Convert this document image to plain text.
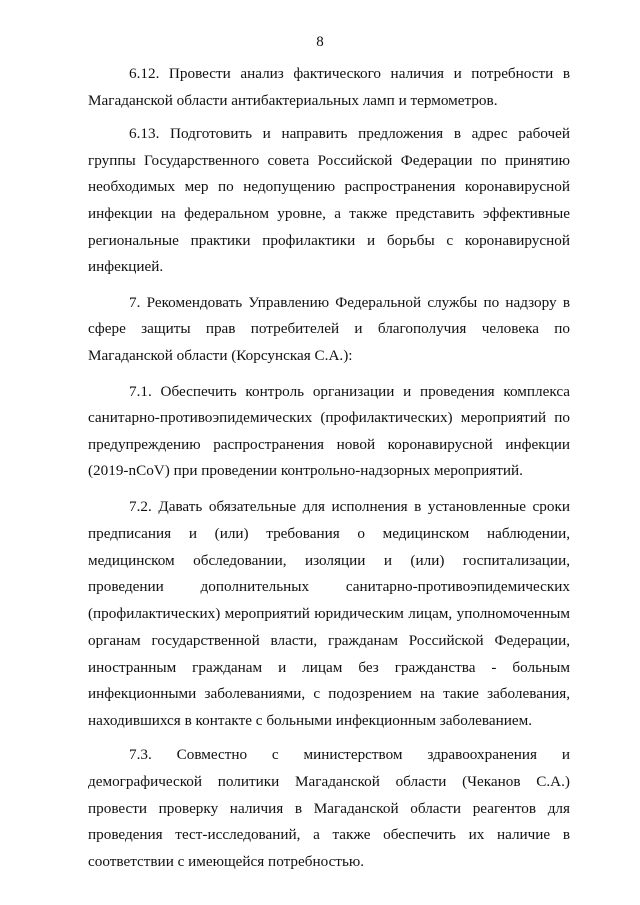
8

6.12. Провести анализ фактического наличия и потребности в Магаданской области антибактериальных ламп и термометров.

6.13. Подготовить и направить предложения в адрес рабочей группы Государственного совета Российской Федерации по принятию необходимых мер по недопущению распространения коронавирусной инфекции на федеральном уровне, а также представить эффективные региональные практики профилактики и борьбы с коронавирусной инфекцией.

7. Рекомендовать Управлению Федеральной службы по надзору в сфере защиты прав потребителей и благополучия человека по Магаданской области (Корсунская С.А.):

7.1. Обеспечить контроль организации и проведения комплекса санитарно-противоэпидемических (профилактических) мероприятий по предупреждению распространения новой коронавирусной инфекции (2019-nCoV) при проведении контрольно-надзорных мероприятий.

7.2. Давать обязательные для исполнения в установленные сроки предписания и (или) требования о медицинском наблюдении, медицинском обследовании, изоляции и (или) госпитализации, проведении дополнительных санитарно-противоэпидемических (профилактических) мероприятий юридическим лицам, уполномоченным органам государственной власти, гражданам Российской Федерации, иностранным гражданам и лицам без гражданства - больным инфекционными заболеваниями, с подозрением на такие заболевания, находившихся в контакте с больными инфекционным заболеванием.

7.3. Совместно с министерством здравоохранения и демографической политики Магаданской области (Чеканов С.А.) провести проверку наличия в Магаданской области реагентов для проведения тест-исследований, а также обеспечить их наличие в соответствии с имеющейся потребностью.
